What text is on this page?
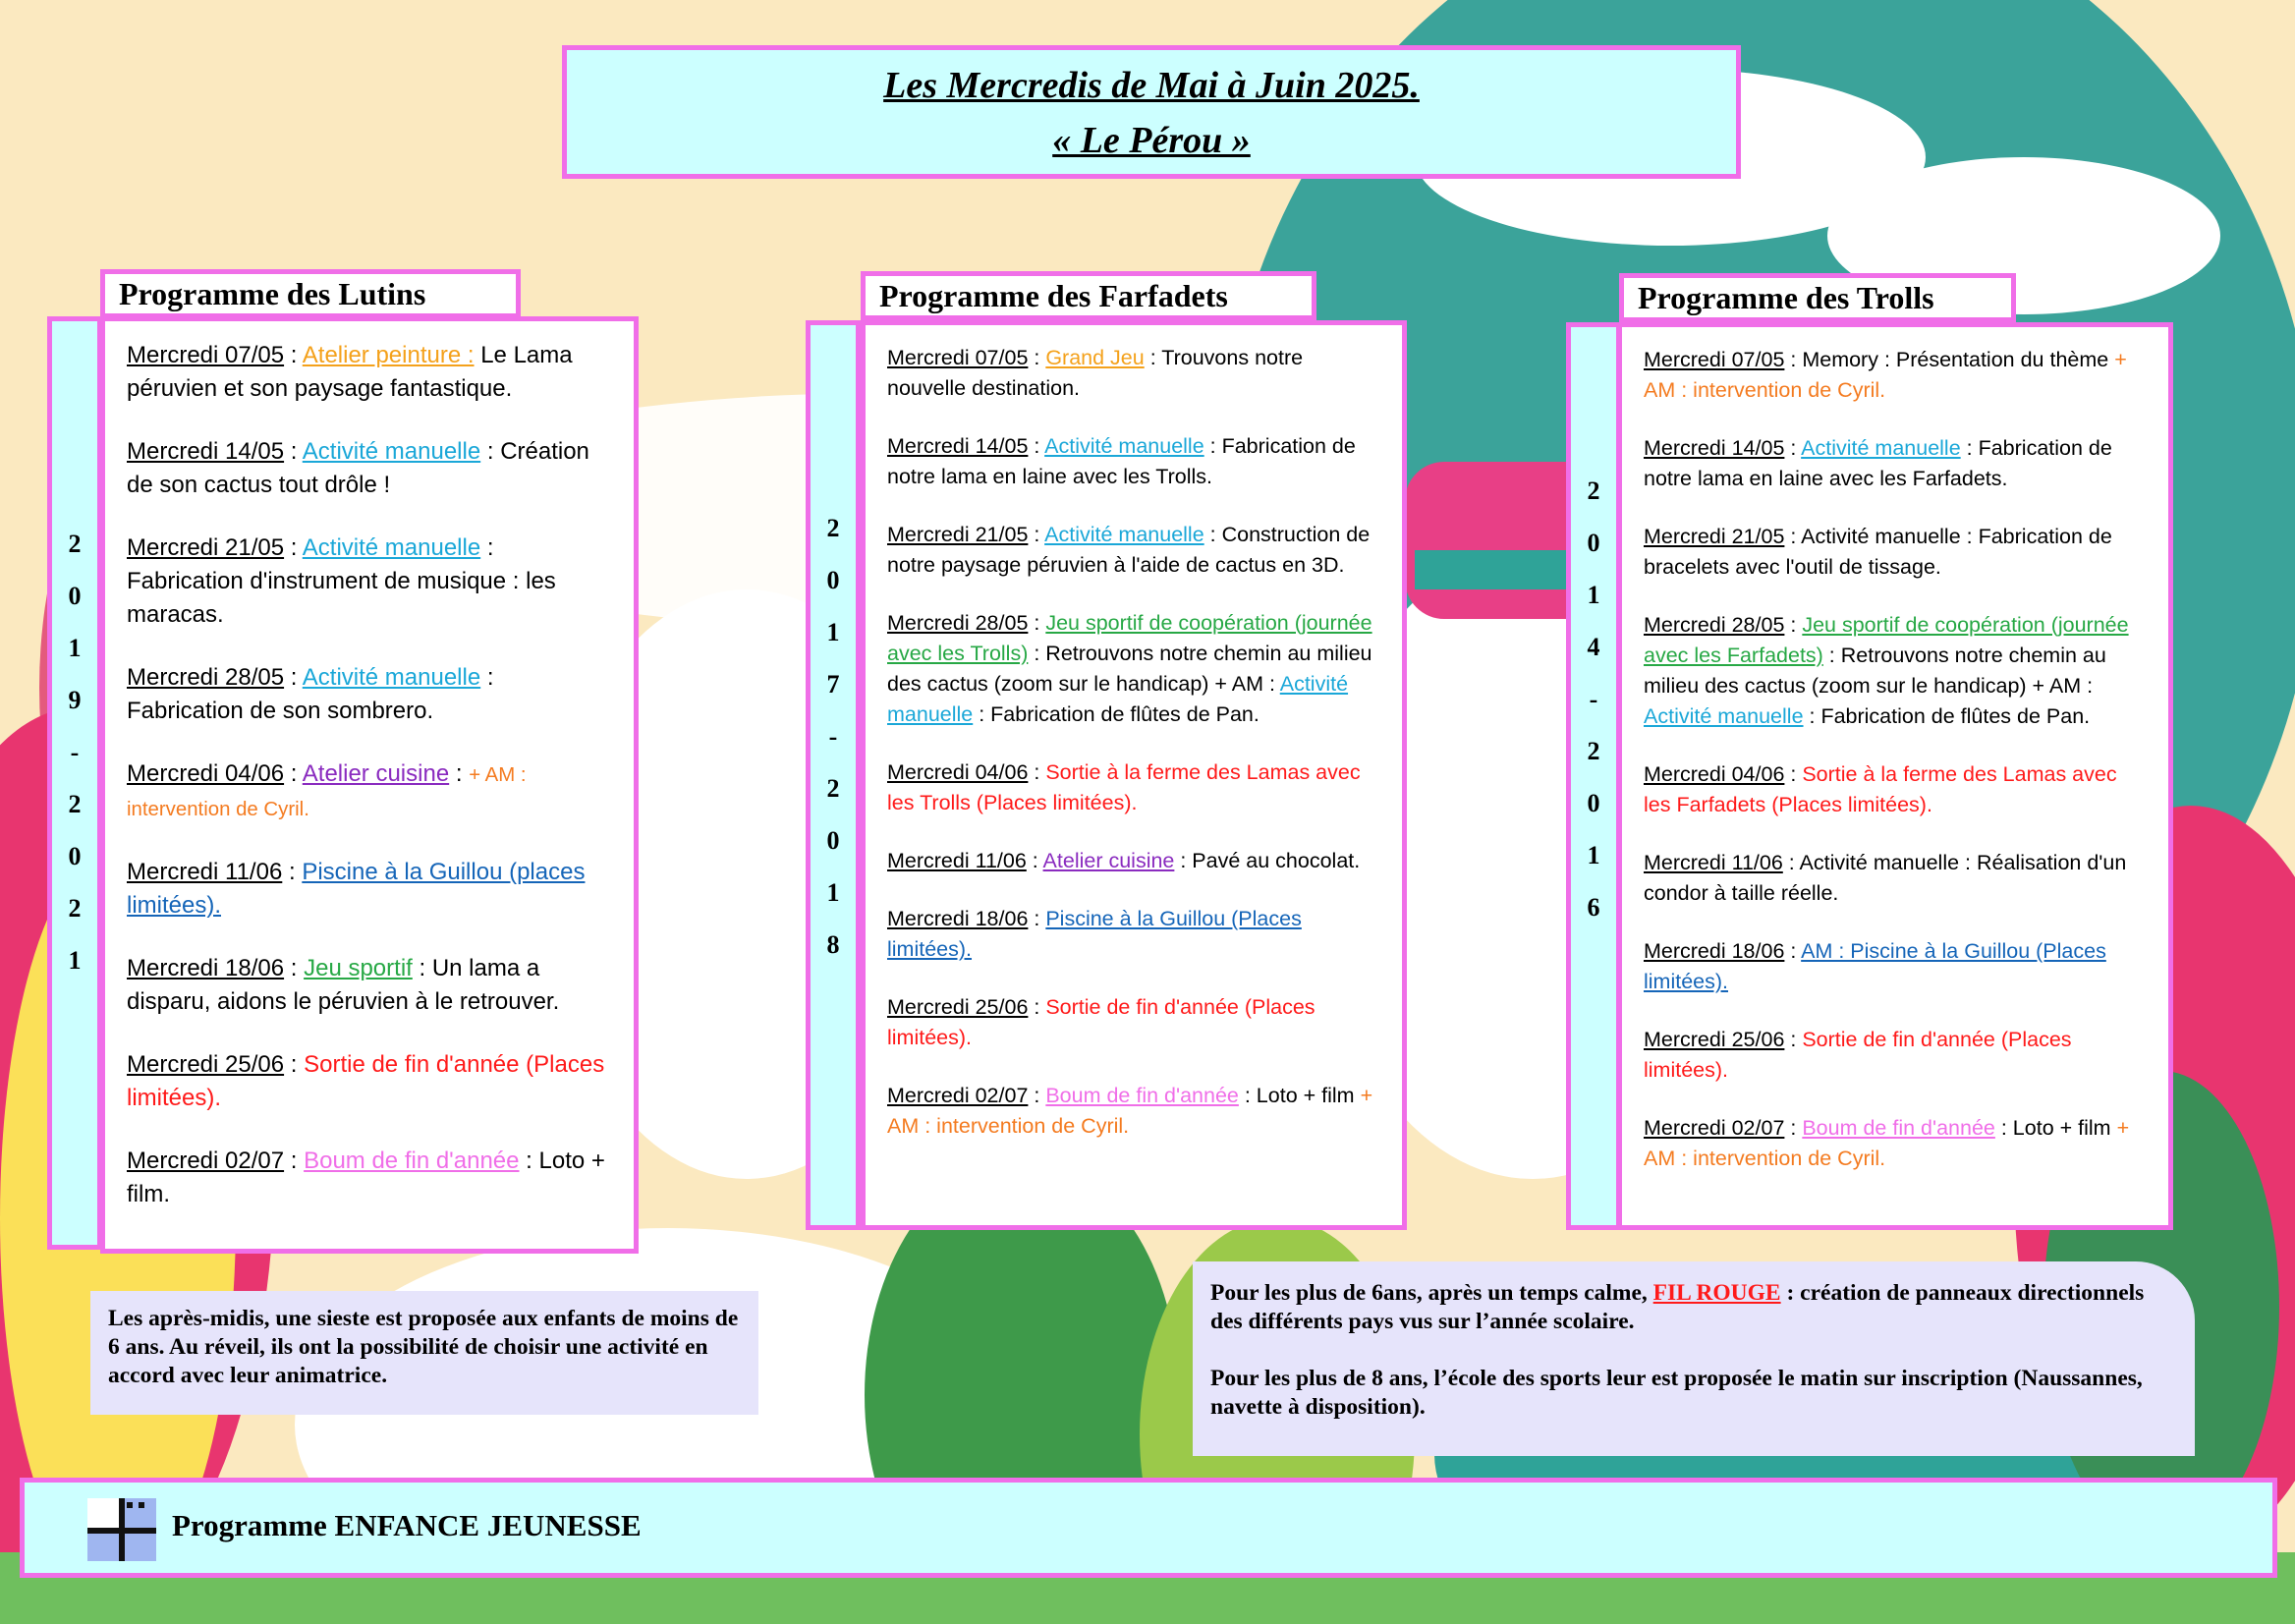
Les Mercredis de Mai à Juin 2025.
« Le Pérou »
Programme des Lutins
2
0
1
9
-
2
0
2
1
Mercredi 07/05 : Atelier peinture : Le Lama péruvien et son paysage fantastique.
Mercredi 14/05 : Activité manuelle : Création de son cactus tout drôle !
Mercredi 21/05 : Activité manuelle : Fabrication d'instrument de musique : les maracas.
Mercredi 28/05 : Activité manuelle : Fabrication de son sombrero.
Mercredi 04/06 : Atelier cuisine : + AM : intervention de Cyril.
Mercredi 11/06 : Piscine à la Guillou (places limitées).
Mercredi 18/06 : Jeu sportif : Un lama a disparu, aidons le péruvien à le retrouver.
Mercredi 25/06 : Sortie de fin d'année (Places limitées).
Mercredi 02/07 : Boum de fin d'année : Loto + film.
Programme des Farfadets
2
0
1
7
-
2
0
1
8
Mercredi 07/05 : Grand Jeu : Trouvons notre nouvelle destination.
Mercredi 14/05 : Activité manuelle : Fabrication de notre lama en laine avec les Trolls.
Mercredi 21/05 : Activité manuelle : Construction de notre paysage péruvien à l'aide de cactus en 3D.
Mercredi 28/05 : Jeu sportif de coopération (journée avec les Trolls) : Retrouvons notre chemin au milieu des cactus (zoom sur le handicap) + AM : Activité manuelle : Fabrication de flûtes de Pan.
Mercredi 04/06 : Sortie à la ferme des Lamas avec les Trolls (Places limitées).
Mercredi 11/06 : Atelier cuisine : Pavé au chocolat.
Mercredi 18/06 : Piscine à la Guillou (Places limitées).
Mercredi 25/06 : Sortie de fin d'année (Places limitées).
Mercredi 02/07 : Boum de fin d'année : Loto + film + AM : intervention de Cyril.
Programme des Trolls
2
0
1
4
-
2
0
1
6
Mercredi 07/05 : Memory : Présentation du thème + AM : intervention de Cyril.
Mercredi 14/05 : Activité manuelle : Fabrication de notre lama en laine avec les Farfadets.
Mercredi 21/05 : Activité manuelle : Fabrication de bracelets avec l'outil de tissage.
Mercredi 28/05 : Jeu sportif de coopération (journée avec les Farfadets) : Retrouvons notre chemin au milieu des cactus (zoom sur le handicap) + AM : Activité manuelle : Fabrication de flûtes de Pan.
Mercredi 04/06 : Sortie à la ferme des Lamas avec les Farfadets (Places limitées).
Mercredi 11/06 : Activité manuelle : Réalisation d'un condor à taille réelle.
Mercredi 18/06 : AM : Piscine à la Guillou (Places limitées).
Mercredi 25/06 : Sortie de fin d'année (Places limitées).
Mercredi 02/07 : Boum de fin d'année : Loto + film + AM : intervention de Cyril.
Les après-midis, une sieste est proposée aux enfants de moins de 6 ans. Au réveil, ils ont la possibilité de choisir une activité en accord avec leur animatrice.
Pour les plus de 6ans, après un temps calme, FIL ROUGE : création de panneaux directionnels des différents pays vus sur l’année scolaire.
Pour les plus de 8 ans, l’école des sports leur est proposée le matin sur inscription (Naussannes, navette à disposition).
Programme ENFANCE JEUNESSE
